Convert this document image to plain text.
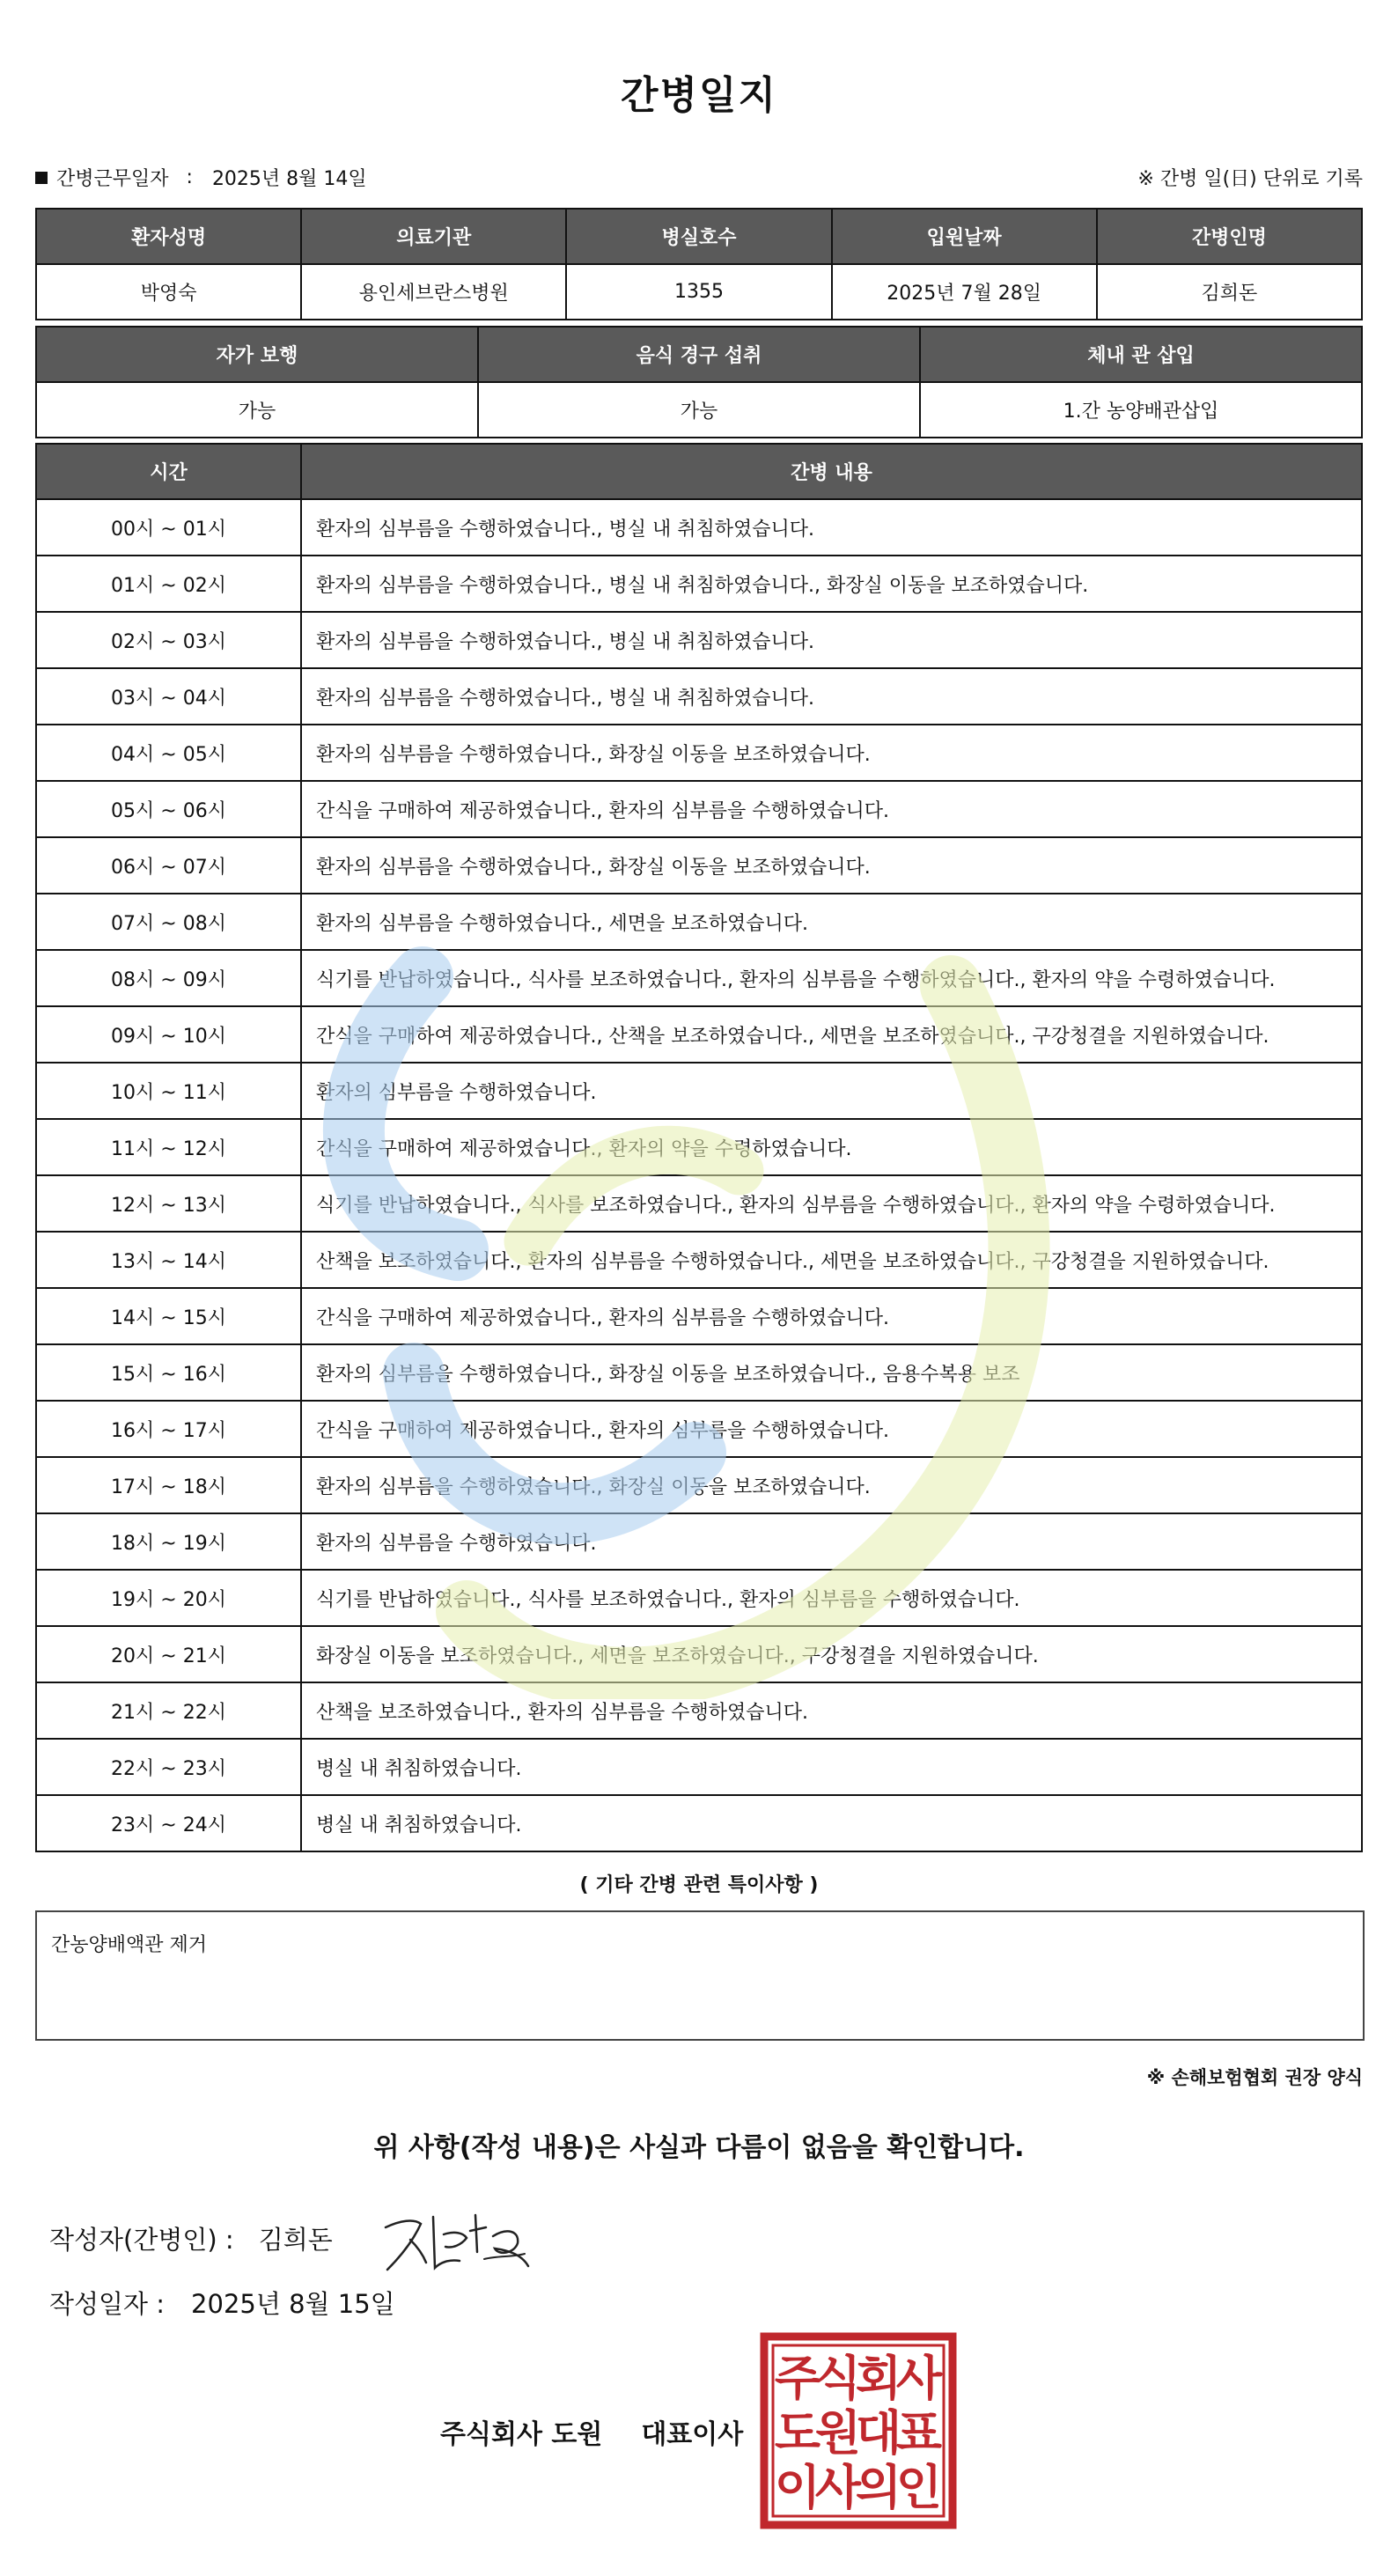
간병일지
간병근무일자 : 2025년 8월 14일	※ 간병 일(日) 단위로 기록
환자성명	의료기관	병실호수	입원날짜	간병인명
박영숙	용인세브란스병원	1355	2025년 7월 28일	김희돈
자가 보행	음식 경구 섭취	체내 관 삽입
가능	가능	1.간 농양배관삽입
시간	간병 내용
00시 ~ 01시	환자의 심부름을 수행하였습니다., 병실 내 취침하였습니다.
01시 ~ 02시	환자의 심부름을 수행하였습니다., 병실 내 취침하였습니다., 화장실 이동을 보조하였습니다.
02시 ~ 03시	환자의 심부름을 수행하였습니다., 병실 내 취침하였습니다.
03시 ~ 04시	환자의 심부름을 수행하였습니다., 병실 내 취침하였습니다.
04시 ~ 05시	환자의 심부름을 수행하였습니다., 화장실 이동을 보조하였습니다.
05시 ~ 06시	간식을 구매하여 제공하였습니다., 환자의 심부름을 수행하였습니다.
06시 ~ 07시	환자의 심부름을 수행하였습니다., 화장실 이동을 보조하였습니다.
07시 ~ 08시	환자의 심부름을 수행하였습니다., 세면을 보조하였습니다.
08시 ~ 09시	식기를 반납하였습니다., 식사를 보조하였습니다., 환자의 심부름을 수행하였습니다., 환자의 약을 수령하였습니다.
09시 ~ 10시	간식을 구매하여 제공하였습니다., 산책을 보조하였습니다., 세면을 보조하였습니다., 구강청결을 지원하였습니다.
10시 ~ 11시	환자의 심부름을 수행하였습니다.
11시 ~ 12시	간식을 구매하여 제공하였습니다., 환자의 약을 수령하였습니다.
12시 ~ 13시	식기를 반납하였습니다., 식사를 보조하였습니다., 환자의 심부름을 수행하였습니다., 환자의 약을 수령하였습니다.
13시 ~ 14시	산책을 보조하였습니다., 환자의 심부름을 수행하였습니다., 세면을 보조하였습니다., 구강청결을 지원하였습니다.
14시 ~ 15시	간식을 구매하여 제공하였습니다., 환자의 심부름을 수행하였습니다.
15시 ~ 16시	환자의 심부름을 수행하였습니다., 화장실 이동을 보조하였습니다., 음용수복용 보조
16시 ~ 17시	간식을 구매하여 제공하였습니다., 환자의 심부름을 수행하였습니다.
17시 ~ 18시	환자의 심부름을 수행하였습니다., 화장실 이동을 보조하였습니다.
18시 ~ 19시	환자의 심부름을 수행하였습니다.
19시 ~ 20시	식기를 반납하였습니다., 식사를 보조하였습니다., 환자의 심부름을 수행하였습니다.
20시 ~ 21시	화장실 이동을 보조하였습니다., 세면을 보조하였습니다., 구강청결을 지원하였습니다.
21시 ~ 22시	산책을 보조하였습니다., 환자의 심부름을 수행하였습니다.
22시 ~ 23시	병실 내 취침하였습니다.
23시 ~ 24시	병실 내 취침하였습니다.
( 기타 간병 관련 특이사항 )
간농양배액관 제거
※ 손해보험협회 권장 양식
위 사항(작성 내용)은 사실과 다름이 없음을 확인합니다.
작성자(간병인) : 김희돈
작성일자 : 2025년 8월 15일
주식회사 도원 대표이사
주
식
회
사
도
원
대
표
이
사
의
인
